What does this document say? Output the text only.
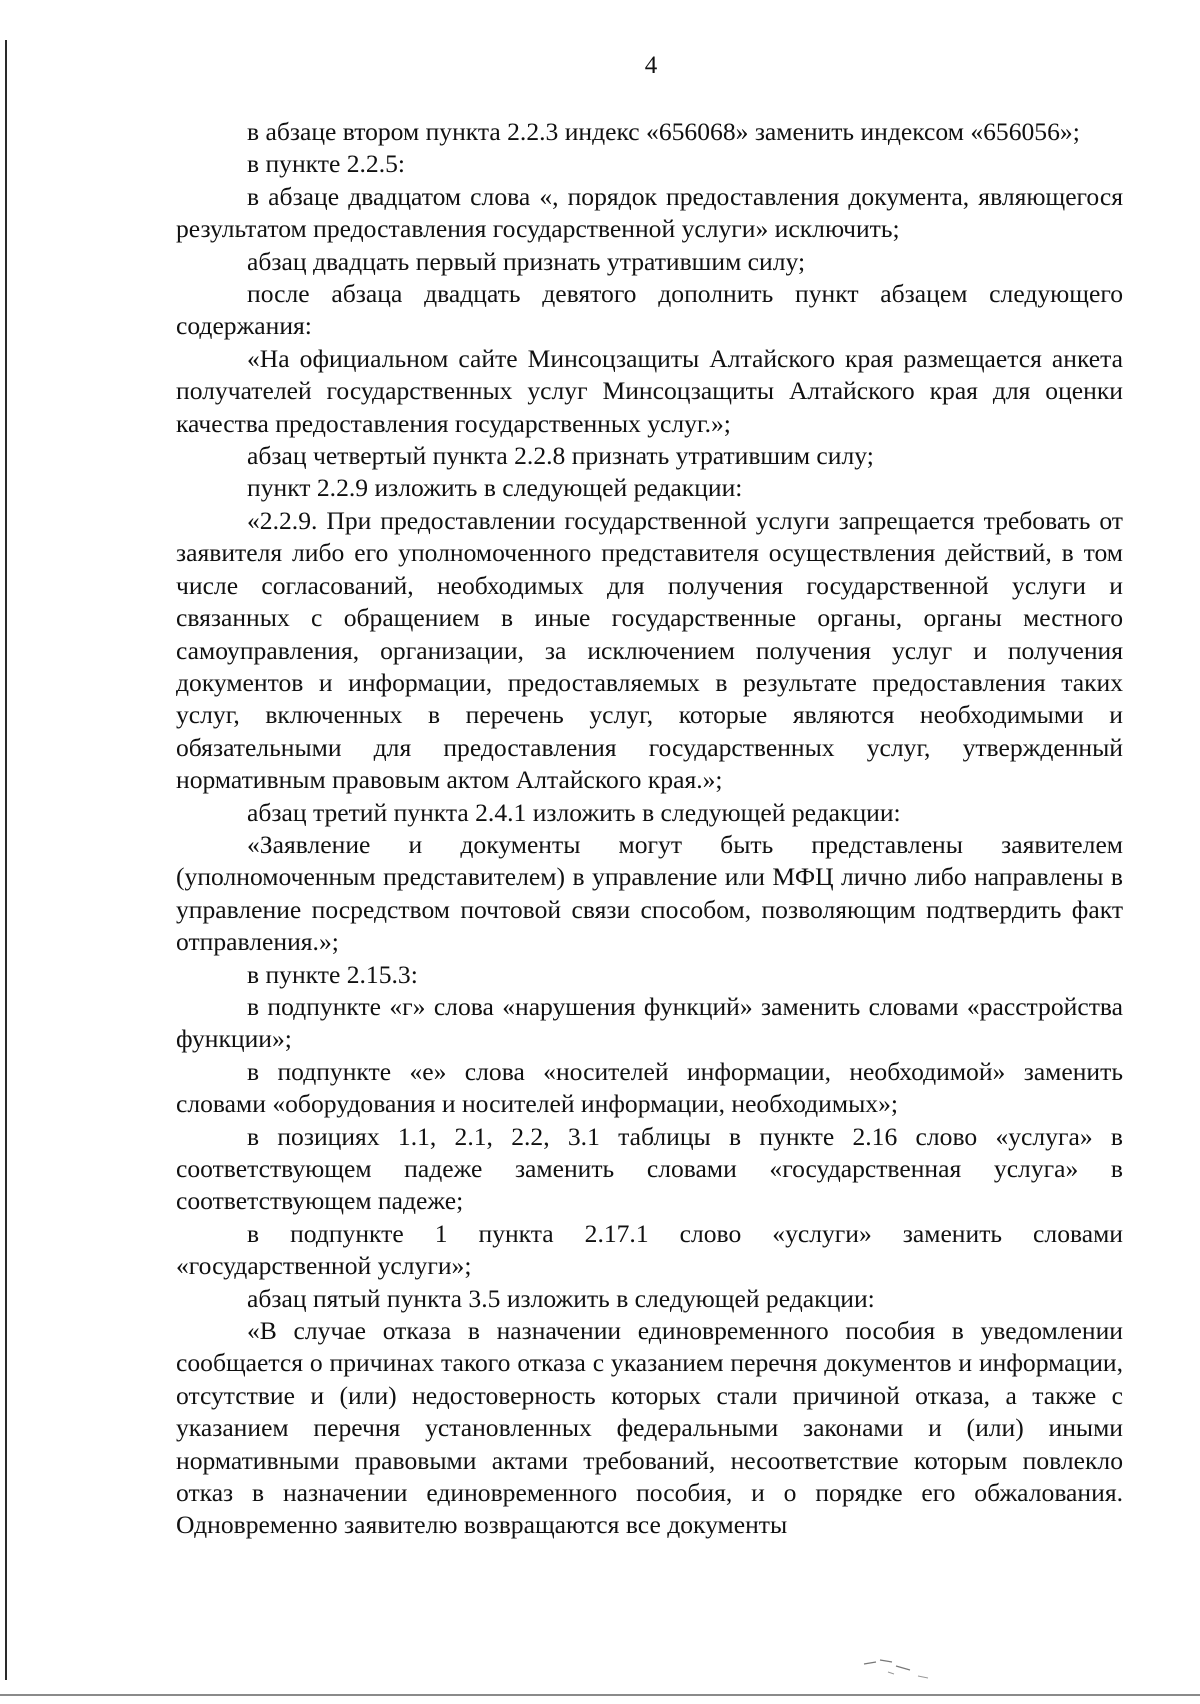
4

в абзаце втором пункта 2.2.3 индекс «656068» заменить индексом «656056»;

в пункте 2.2.5:

в абзаце двадцатом слова «, порядок предоставления документа, являющегося результатом предоставления государственной услуги» исключить;

абзац двадцать первый признать утратившим силу;

после абзаца двадцать девятого дополнить пункт абзацем следующего содержания:

«На официальном сайте Минсоцзащиты Алтайского края размещается анкета получателей государственных услуг Минсоцзащиты Алтайского края для оценки качества предоставления государственных услуг.»;

абзац четвертый пункта 2.2.8 признать утратившим силу;

пункт 2.2.9 изложить в следующей редакции:

«2.2.9. При предоставлении государственной услуги запрещается требовать от заявителя либо его уполномоченного представителя осуществления действий, в том числе согласований, необходимых для получения государственной услуги и связанных с обращением в иные государственные органы, органы местного самоуправления, организации, за исключением получения услуг и получения документов и информации, предоставляемых в результате предоставления таких услуг, включенных в перечень услуг, которые являются необходимыми и обязательными для предоставления государственных услуг, утвержденный нормативным правовым актом Алтайского края.»;

абзац третий пункта 2.4.1 изложить в следующей редакции:

«Заявление и документы могут быть представлены заявителем (уполномоченным представителем) в управление или МФЦ лично либо направлены в управление посредством почтовой связи способом, позволяющим подтвердить факт отправления.»;

в пункте 2.15.3:

в подпункте «г» слова «нарушения функций» заменить словами «расстройства функции»;

в подпункте «е» слова «носителей информации, необходимой» заменить словами «оборудования и носителей информации, необходимых»;

в позициях 1.1, 2.1, 2.2, 3.1 таблицы в пункте 2.16 слово «услуга» в соответствующем падеже заменить словами «государственная услуга» в соответствующем падеже;

в подпункте 1 пункта 2.17.1 слово «услуги» заменить словами «государственной услуги»;

абзац пятый пункта 3.5 изложить в следующей редакции:

«В случае отказа в назначении единовременного пособия в уведомлении сообщается о причинах такого отказа с указанием перечня документов и информации, отсутствие и (или) недостоверность которых стали причиной отказа, а также с указанием перечня установленных федеральными законами и (или) иными нормативными правовыми актами требований, несоответствие которым повлекло отказ в назначении единовременного пособия, и о порядке его обжалования. Одновременно заявителю возвращаются все документы
